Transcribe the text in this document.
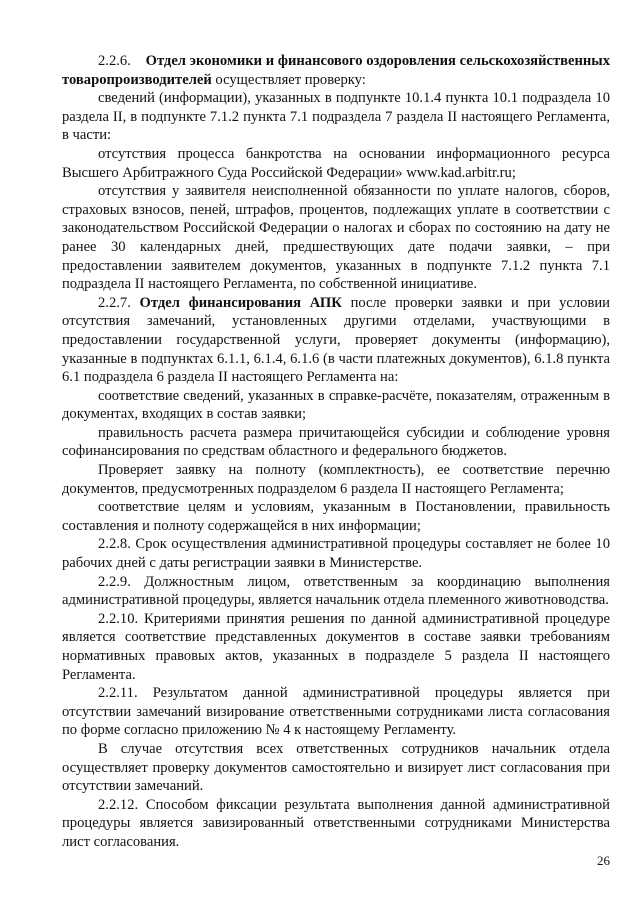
2.2.6. Отдел экономики и финансового оздоровления сельскохозяйственных товаропроизводителей осуществляет проверку:

сведений (информации), указанных в подпункте 10.1.4 пункта 10.1 подраздела 10 раздела II, в подпункте 7.1.2 пункта 7.1 подраздела 7 раздела II настоящего Регламента, в части:

отсутствия процесса банкротства на основании информационного ресурса Высшего Арбитражного Суда Российской Федерации» www.kad.arbitr.ru;

отсутствия у заявителя неисполненной обязанности по уплате налогов, сборов, страховых взносов, пеней, штрафов, процентов, подлежащих уплате в соответствии с законодательством Российской Федерации о налогах и сборах по состоянию на дату не ранее 30 календарных дней, предшествующих дате подачи заявки, – при предоставлении заявителем документов, указанных в подпункте 7.1.2 пункта 7.1 подраздела II настоящего Регламента, по собственной инициативе.

2.2.7. Отдел финансирования АПК после проверки заявки и при условии отсутствия замечаний, установленных другими отделами, участвующими в предоставлении государственной услуги, проверяет документы (информацию), указанные в подпунктах 6.1.1, 6.1.4, 6.1.6 (в части платежных документов), 6.1.8 пункта 6.1 подраздела 6 раздела II настоящего Регламента на:

соответствие сведений, указанных в справке-расчёте, показателям, отраженным в документах, входящих в состав заявки;

правильность расчета размера причитающейся субсидии и соблюдение уровня софинансирования по средствам областного и федерального бюджетов.

Проверяет заявку на полноту (комплектность), ее соответствие перечню документов, предусмотренных подразделом 6 раздела II настоящего Регламента;

соответствие целям и условиям, указанным в Постановлении, правильность составления и полноту содержащейся в них информации;

2.2.8. Срок осуществления административной процедуры составляет не более 10 рабочих дней с даты регистрации заявки в Министерстве.

2.2.9. Должностным лицом, ответственным за координацию выполнения административной процедуры, является начальник отдела племенного животноводства.

2.2.10. Критериями принятия решения по данной административной процедуре является соответствие представленных документов в составе заявки требованиям нормативных правовых актов, указанных в подразделе 5 раздела II настоящего Регламента.

2.2.11. Результатом данной административной процедуры является при отсутствии замечаний визирование ответственными сотрудниками листа согласования по форме согласно приложению № 4 к настоящему Регламенту.

В случае отсутствия всех ответственных сотрудников начальник отдела осуществляет проверку документов самостоятельно и визирует лист согласования при отсутствии замечаний.

2.2.12. Способом фиксации результата выполнения данной административной процедуры является завизированный ответственными сотрудниками Министерства лист согласования.

26
